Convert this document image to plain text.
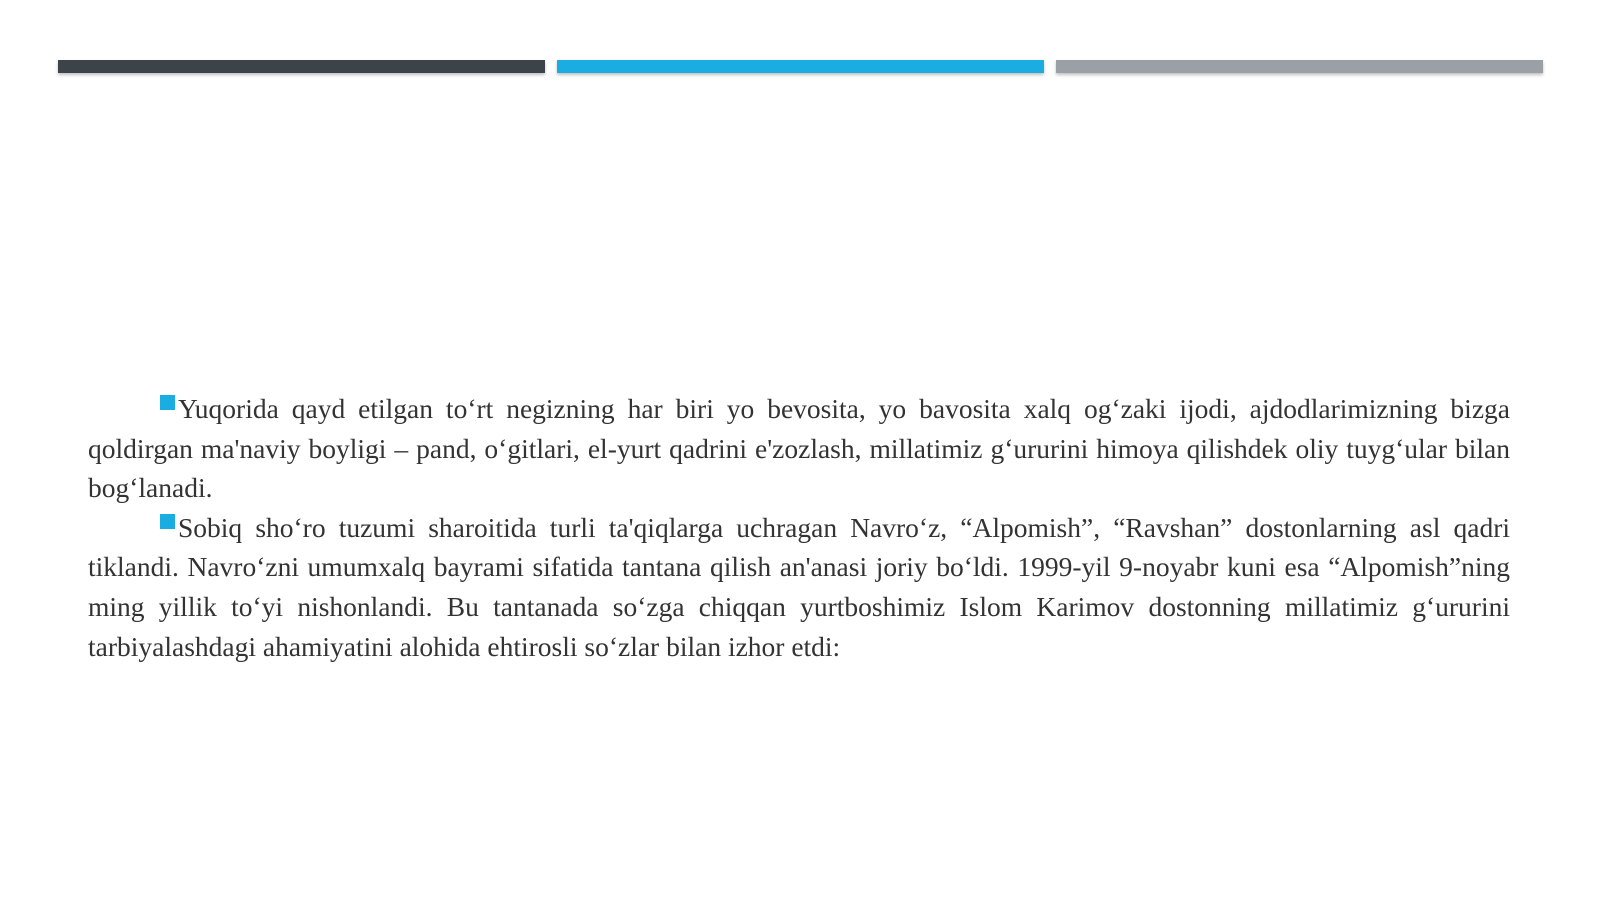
Yuqorida qayd etilgan to‘rt negizning har biri yo bevosita, yo bavosita xalq og‘zaki ijodi, ajdodlarimizning bizga qoldirgan ma'naviy boyligi – pand, o‘gitlari, el-yurt qadrini e'zozlash, millatimiz g‘ururini himoya qilishdek oliy tuyg‘ular bilan bog‘lanadi.

Sobiq sho‘ro tuzumi sharoitida turli ta'qiqlarga uchragan Navro‘z, “Alpomish”, “Ravshan” dostonlarning asl qadri tiklandi. Navro‘zni umumxalq bayrami sifatida tantana qilish an'anasi joriy bo‘ldi. 1999-yil 9-noyabr kuni esa “Alpomish”ning ming yillik to‘yi nishonlandi. Bu tantanada so‘zga chiqqan yurtboshimiz Islom Karimov dostonning millatimiz g‘ururini tarbiyalashdagi ahamiyatini alohida ehtirosli so‘zlar bilan izhor etdi:
